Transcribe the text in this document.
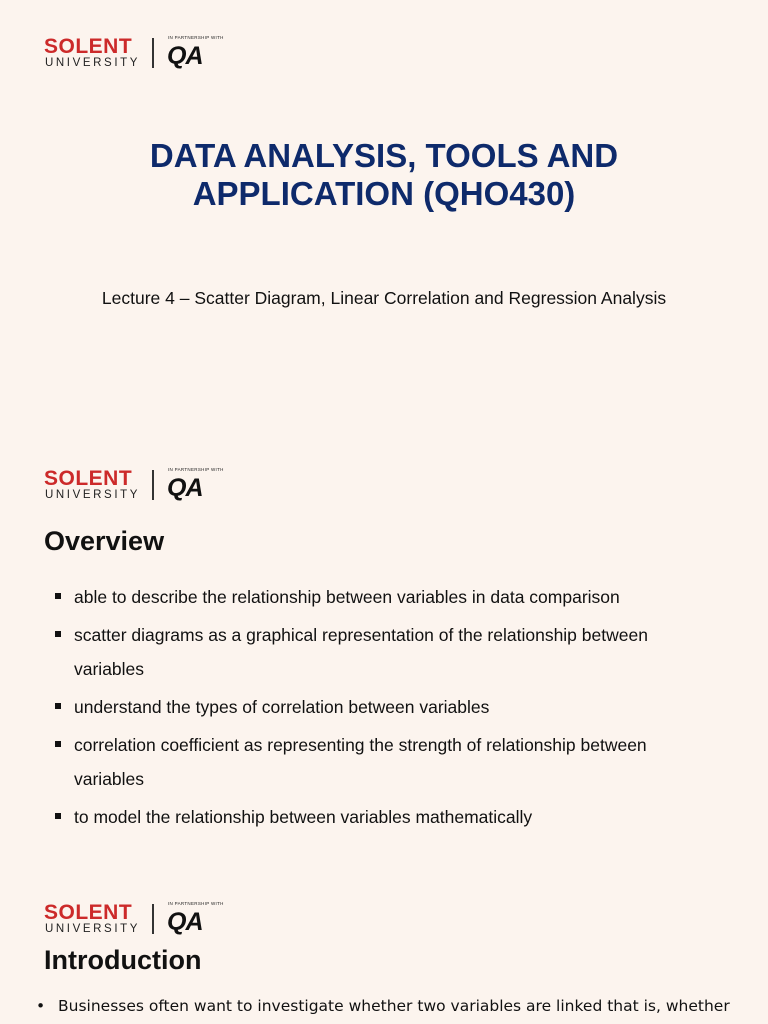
SOLENT
UNIVERSITY
IN PARTNERSHIP WITH
QA
DATA ANALYSIS, TOOLS AND
APPLICATION (QHO430)

Lecture 4 – Scatter Diagram, Linear Correlation and Regression Analysis

SOLENT
UNIVERSITY
IN PARTNERSHIP WITH
QA
Overview
able to describe the relationship between variables in data comparison
scatter diagrams as a graphical representation of the relationship between variables
understand the types of correlation between variables
correlation coefficient as representing the strength of relationship between variables
to model the relationship between variables mathematically
SOLENT
UNIVERSITY
IN PARTNERSHIP WITH
QA
Introduction
• Businesses often want to investigate whether two variables are linked that is, whether
